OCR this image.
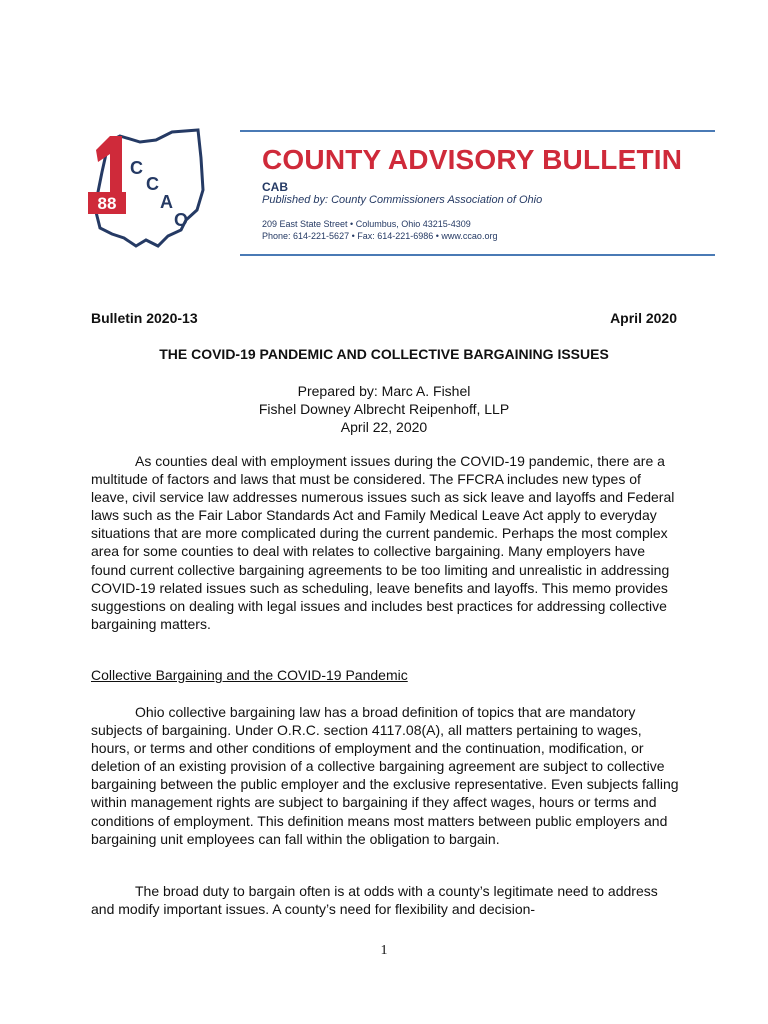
88
C
C
A
O
COUNTY ADVISORY BULLETIN
CAB
Published by: County Commissioners Association of Ohio
209 East State Street • Columbus, Ohio 43215-4309
Phone: 614-221-5627 • Fax: 614-221-6986 • www.ccao.org
Bulletin 2020-13	April 2020
THE COVID-19 PANDEMIC AND COLLECTIVE BARGAINING ISSUES
Prepared by: Marc A. Fishel
Fishel Downey Albrecht Reipenhoff, LLP
April 22, 2020

As counties deal with employment issues during the COVID-19 pandemic, there are a multitude of factors and laws that must be considered. The FFCRA includes new types of leave, civil service law addresses numerous issues such as sick leave and layoffs and Federal laws such as the Fair Labor Standards Act and Family Medical Leave Act apply to everyday situations that are more complicated during the current pandemic. Perhaps the most complex area for some counties to deal with relates to collective bargaining. Many employers have found current collective bargaining agreements to be too limiting and unrealistic in addressing COVID-19 related issues such as scheduling, leave benefits and layoffs. This memo provides suggestions on dealing with legal issues and includes best practices for addressing collective bargaining matters.

Collective Bargaining and the COVID-19 Pandemic

Ohio collective bargaining law has a broad definition of topics that are mandatory subjects of bargaining. Under O.R.C. section 4117.08(A), all matters pertaining to wages, hours, or terms and other conditions of employment and the continuation, modification, or deletion of an existing provision of a collective bargaining agreement are subject to collective bargaining between the public employer and the exclusive representative. Even subjects falling within management rights are subject to bargaining if they affect wages, hours or terms and conditions of employment. This definition means most matters between public employers and bargaining unit employees can fall within the obligation to bargain.

The broad duty to bargain often is at odds with a county’s legitimate need to address and modify important issues. A county’s need for flexibility and decision-

1
